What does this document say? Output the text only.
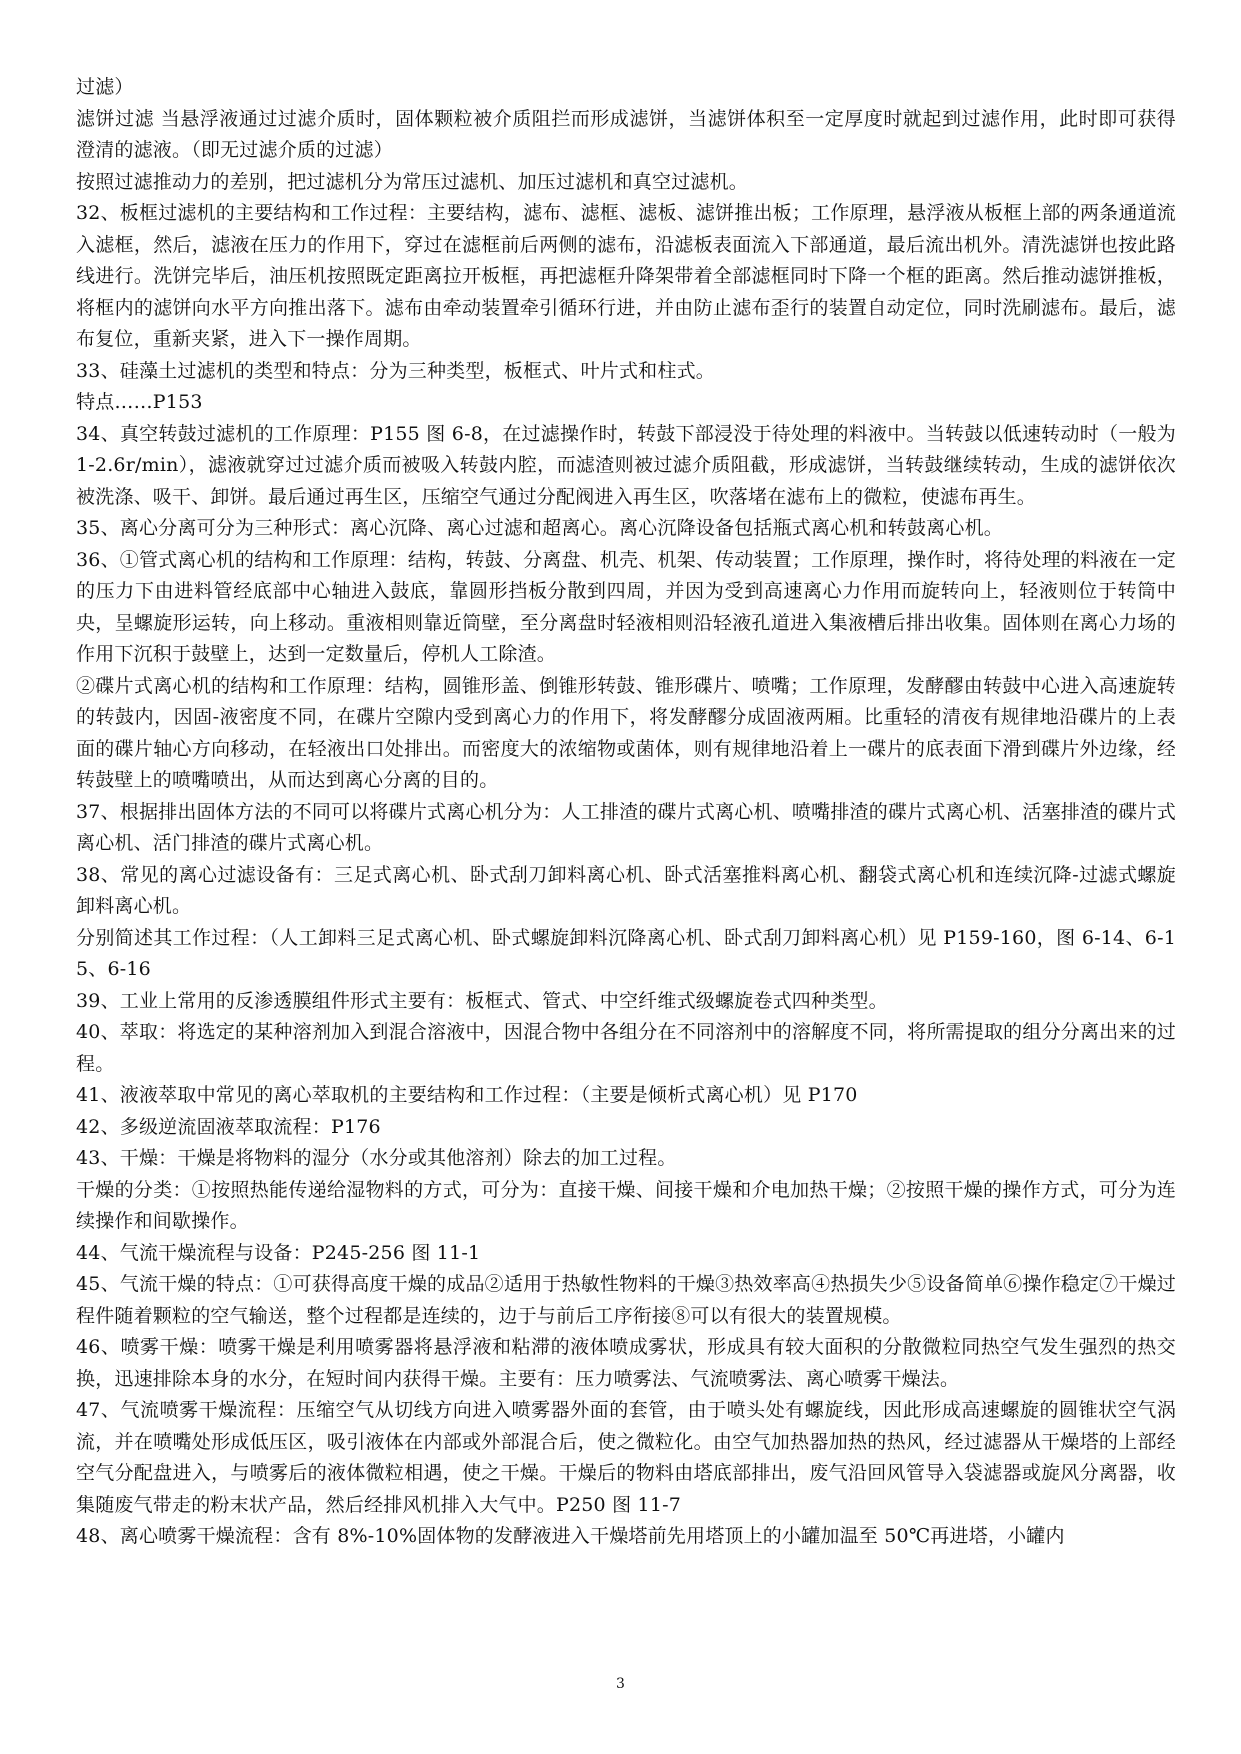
过滤）

滤饼过滤 当悬浮液通过过滤介质时，固体颗粒被介质阻拦而形成滤饼，当滤饼体积至一定厚度时就起到过滤作用，此时即可获得澄清的滤液。（即无过滤介质的过滤）

按照过滤推动力的差别，把过滤机分为常压过滤机、加压过滤机和真空过滤机。

32、板框过滤机的主要结构和工作过程：主要结构，滤布、滤框、滤板、滤饼推出板；工作原理，悬浮液从板框上部的两条通道流入滤框，然后，滤液在压力的作用下，穿过在滤框前后两侧的滤布，沿滤板表面流入下部通道，最后流出机外。清洗滤饼也按此路线进行。洗饼完毕后，油压机按照既定距离拉开板框，再把滤框升降架带着全部滤框同时下降一个框的距离。然后推动滤饼推板，将框内的滤饼向水平方向推出落下。滤布由牵动装置牵引循环行进，并由防止滤布歪行的装置自动定位，同时洗刷滤布。最后，滤布复位，重新夹紧，进入下一操作周期。

33、硅藻土过滤机的类型和特点：分为三种类型，板框式、叶片式和柱式。

特点……P153

34、真空转鼓过滤机的工作原理：P155 图 6-8，在过滤操作时，转鼓下部浸没于待处理的料液中。当转鼓以低速转动时（一般为 1-2.6r/min），滤液就穿过过滤介质而被吸入转鼓内腔，而滤渣则被过滤介质阻截，形成滤饼，当转鼓继续转动，生成的滤饼依次被洗涤、吸干、卸饼。最后通过再生区，压缩空气通过分配阀进入再生区，吹落堵在滤布上的微粒，使滤布再生。

35、离心分离可分为三种形式：离心沉降、离心过滤和超离心。离心沉降设备包括瓶式离心机和转鼓离心机。

36、①管式离心机的结构和工作原理：结构，转鼓、分离盘、机壳、机架、传动装置；工作原理，操作时，将待处理的料液在一定的压力下由进料管经底部中心轴进入鼓底，靠圆形挡板分散到四周，并因为受到高速离心力作用而旋转向上，轻液则位于转筒中央，呈螺旋形运转，向上移动。重液相则靠近筒壁，至分离盘时轻液相则沿轻液孔道进入集液槽后排出收集。固体则在离心力场的作用下沉积于鼓壁上，达到一定数量后，停机人工除渣。

②碟片式离心机的结构和工作原理：结构，圆锥形盖、倒锥形转鼓、锥形碟片、喷嘴；工作原理，发酵醪由转鼓中心进入高速旋转的转鼓内，因固-液密度不同，在碟片空隙内受到离心力的作用下，将发酵醪分成固液两厢。比重轻的清夜有规律地沿碟片的上表面的碟片轴心方向移动，在轻液出口处排出。而密度大的浓缩物或菌体，则有规律地沿着上一碟片的底表面下滑到碟片外边缘，经转鼓壁上的喷嘴喷出，从而达到离心分离的目的。

37、根据排出固体方法的不同可以将碟片式离心机分为：人工排渣的碟片式离心机、喷嘴排渣的碟片式离心机、活塞排渣的碟片式离心机、活门排渣的碟片式离心机。

38、常见的离心过滤设备有：三足式离心机、卧式刮刀卸料离心机、卧式活塞推料离心机、翻袋式离心机和连续沉降-过滤式螺旋卸料离心机。

分别简述其工作过程：（人工卸料三足式离心机、卧式螺旋卸料沉降离心机、卧式刮刀卸料离心机）见 P159-160，图 6-14、6-15、6-16

39、工业上常用的反渗透膜组件形式主要有：板框式、管式、中空纤维式级螺旋卷式四种类型。

40、萃取：将选定的某种溶剂加入到混合溶液中，因混合物中各组分在不同溶剂中的溶解度不同，将所需提取的组分分离出来的过程。

41、液液萃取中常见的离心萃取机的主要结构和工作过程：（主要是倾析式离心机）见 P170

42、多级逆流固液萃取流程：P176

43、干燥：干燥是将物料的湿分（水分或其他溶剂）除去的加工过程。

干燥的分类：①按照热能传递给湿物料的方式，可分为：直接干燥、间接干燥和介电加热干燥；②按照干燥的操作方式，可分为连续操作和间歇操作。

44、气流干燥流程与设备：P245-256 图 11-1

45、气流干燥的特点：①可获得高度干燥的成品②适用于热敏性物料的干燥③热效率高④热损失少⑤设备简单⑥操作稳定⑦干燥过程件随着颗粒的空气输送，整个过程都是连续的，边于与前后工序衔接⑧可以有很大的装置规模。

46、喷雾干燥：喷雾干燥是利用喷雾器将悬浮液和粘滞的液体喷成雾状，形成具有较大面积的分散微粒同热空气发生强烈的热交换，迅速排除本身的水分，在短时间内获得干燥。主要有：压力喷雾法、气流喷雾法、离心喷雾干燥法。

47、气流喷雾干燥流程：压缩空气从切线方向进入喷雾器外面的套管，由于喷头处有螺旋线，因此形成高速螺旋的圆锥状空气涡流，并在喷嘴处形成低压区，吸引液体在内部或外部混合后，使之微粒化。由空气加热器加热的热风，经过滤器从干燥塔的上部经空气分配盘进入，与喷雾后的液体微粒相遇，使之干燥。干燥后的物料由塔底部排出，废气沿回风管导入袋滤器或旋风分离器，收集随废气带走的粉末状产品，然后经排风机排入大气中。P250 图 11-7

48、离心喷雾干燥流程：含有 8%-10%固体物的发酵液进入干燥塔前先用塔顶上的小罐加温至 50℃再进塔，小罐内

3
